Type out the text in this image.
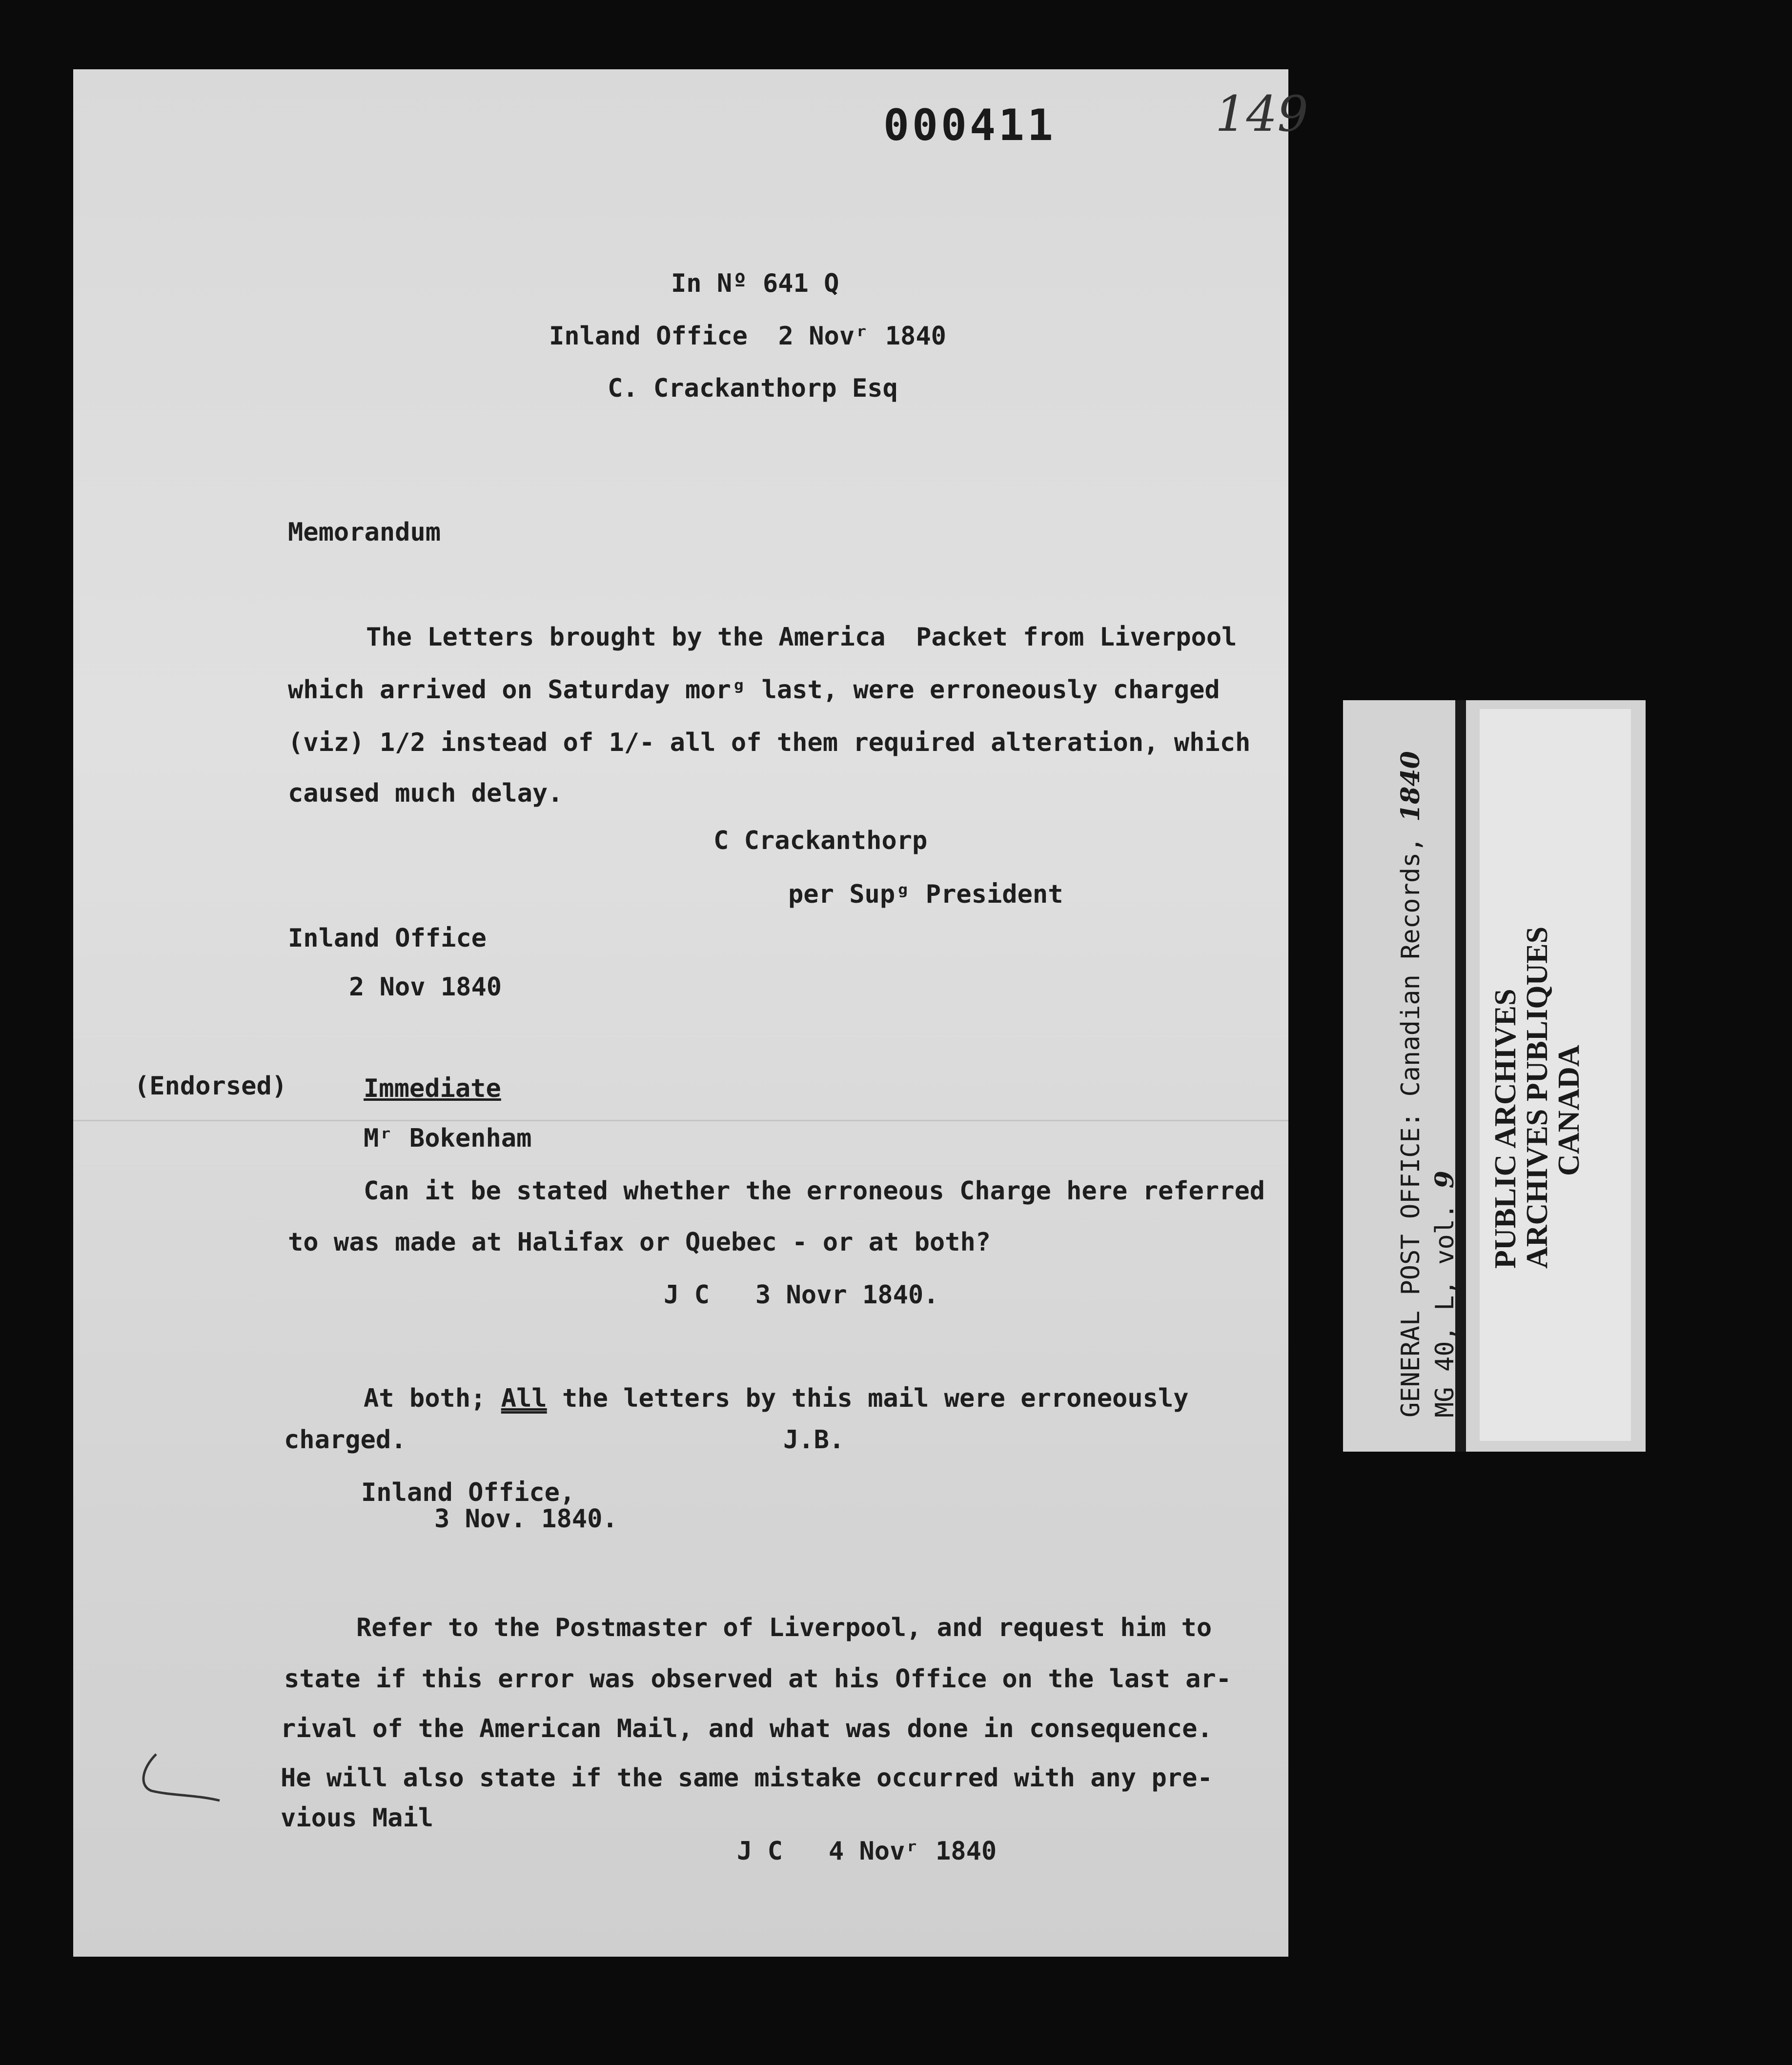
000411	149
In Nº 641 Q
Inland Office  2 Novʳ 1840
C. Crackanthorp Esq
Memorandum
The Letters brought by the America  Packet from Liverpool
which arrived on Saturday morᵍ last, were erroneously charged
(viz) 1/2 instead of 1/- all of them required alteration, which
caused much delay.
C Crackanthorp
per Supᵍ President
Inland Office
2 Nov 1840
(Endorsed)	Immediate
Mʳ Bokenham
Can it be stated whether the erroneous Charge here referred
to was made at Halifax or Quebec - or at both?
J C   3 Novr 1840.
At both; All the letters by this mail were erroneously
charged.	J.B.
Inland Office,
3 Nov. 1840.
Refer to the Postmaster of Liverpool, and request him to
state if this error was observed at his Office on the last ar-
rival of the American Mail, and what was done in consequence.
He will also state if the same mistake occurred with any pre-
vious Mail
J C   4 Novʳ 1840
GENERAL POST OFFICE: Canadian Records, 1840
MG 40, L, vol. 9 PUBLIC ARCHIVES
ARCHIVES PUBLIQUES
CANADA
